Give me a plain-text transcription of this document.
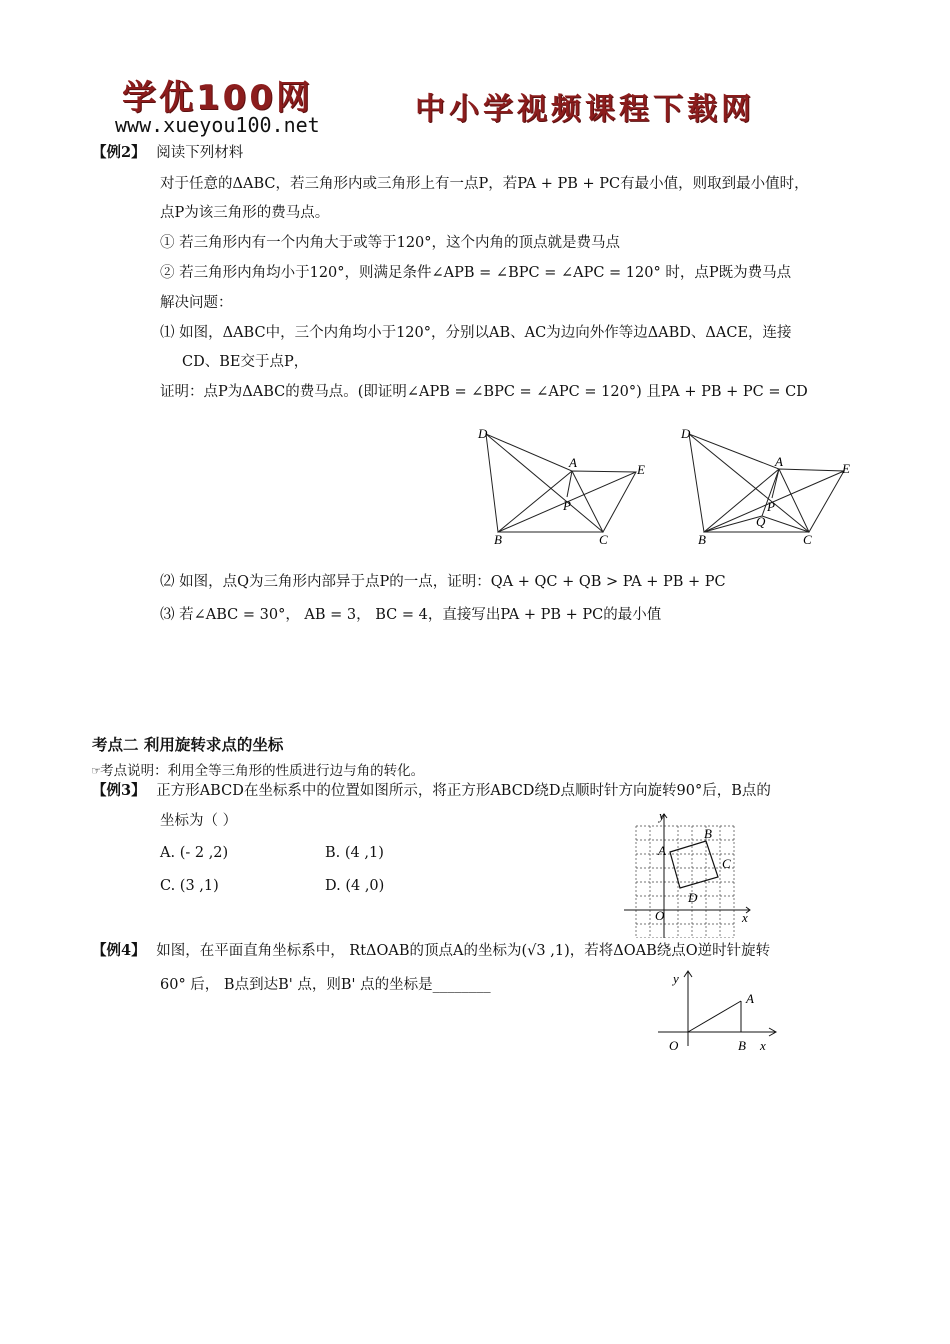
学优100网
www.xueyou100.net	中小学视频课程下载网
【例2】 阅读下列材料
对于任意的ΔABC，若三角形内或三角形上有一点P，若PA + PB + PC有最小值，则取到最小值时，
点P为该三角形的费马点。
① 若三角形内有一个内角大于或等于120°，这个内角的顶点就是费马点
② 若三角形内角均小于120°，则满足条件∠APB = ∠BPC = ∠APC = 120° 时，点P既为费马点
解决问题：
⑴ 如图，ΔABC中，三个内角均小于120°，分别以AB、AC为边向外作等边ΔABD、ΔACE，连接
CD、BE交于点P，
证明：点P为ΔABC的费马点。(即证明∠APB = ∠BPC = ∠APC = 120°) 且PA + PB + PC = CD
D
A	E
P
B	C
D
A	E
P
Q
B	C
⑵ 如图，点Q为三角形内部异于点P的一点，证明：QA + QC + QB > PA + PB + PC
⑶ 若∠ABC = 30°， AB = 3， BC = 4，直接写出PA + PB + PC的最小值
考点二 利用旋转求点的坐标
☞考点说明：利用全等三角形的性质进行边与角的转化。
【例3】 正方形ABCD在坐标系中的位置如图所示，将正方形ABCD绕D点顺时针方向旋转90°后，B点的
坐标为（ ）
A. (- 2 ,2)	B. (4 ,1)
C. (3 ,1)	D. (4 ,0)
y
x
O
A
B
C
D
【例4】 如图，在平面直角坐标系中， RtΔOAB的顶点A的坐标为(√3 ,1)，若将ΔOAB绕点O逆时针旋转
60° 后， B点到达B' 点，则B' 点的坐标是________	y
x
O
A
B
